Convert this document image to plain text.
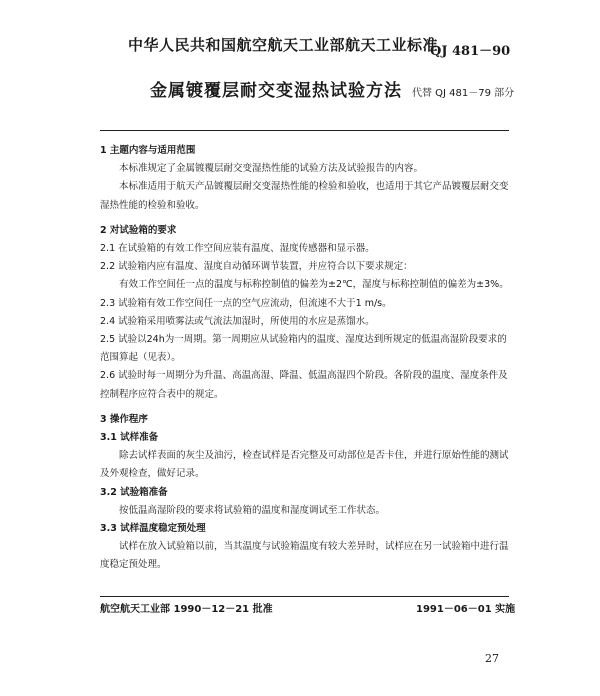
中华人民共和国航空航天工业部航天工业标准
QJ 481－90
金属镀覆层耐交变湿热试验方法 代替 QJ 481－79 部分

1 主题内容与适用范围

本标准规定了金属镀覆层耐交变湿热性能的试验方法及试验报告的内容。

本标准适用于航天产品镀覆层耐交变湿热性能的检验和验收，也适用于其它产品镀覆层耐交变湿热性能的检验和验收。

2 对试验箱的要求

2.1 在试验箱的有效工作空间应装有温度、湿度传感器和显示器。

2.2 试验箱内应有温度、湿度自动循环调节装置，并应符合以下要求规定：

有效工作空间任一点的温度与标称控制值的偏差为±2℃，湿度与标称控制值的偏差为±3%。

2.3 试验箱有效工作空间任一点的空气应流动，但流速不大于1 m/s。

2.4 试验箱采用喷雾法或气流法加湿时，所使用的水应是蒸馏水。

2.5 试验以24h为一周期。第一周期应从试验箱内的温度、湿度达到所规定的低温高湿阶段要求的范围算起（见表）。

2.6 试验时每一周期分为升温、高温高湿、降温、低温高湿四个阶段。各阶段的温度、湿度条件及控制程序应符合表中的规定。

3 操作程序

3.1 试样准备

除去试样表面的灰尘及油污，检查试样是否完整及可动部位是否卡住，并进行原始性能的测试及外观检查，做好记录。

3.2 试验箱准备

按低温高湿阶段的要求将试验箱的温度和湿度调试至工作状态。

3.3 试样温度稳定预处理

试样在放入试验箱以前，当其温度与试验箱温度有较大差异时，试样应在另一试验箱中进行温度稳定预处理。

航空航天工业部 1990－12－21 批准	1991－06－01 实施
27
